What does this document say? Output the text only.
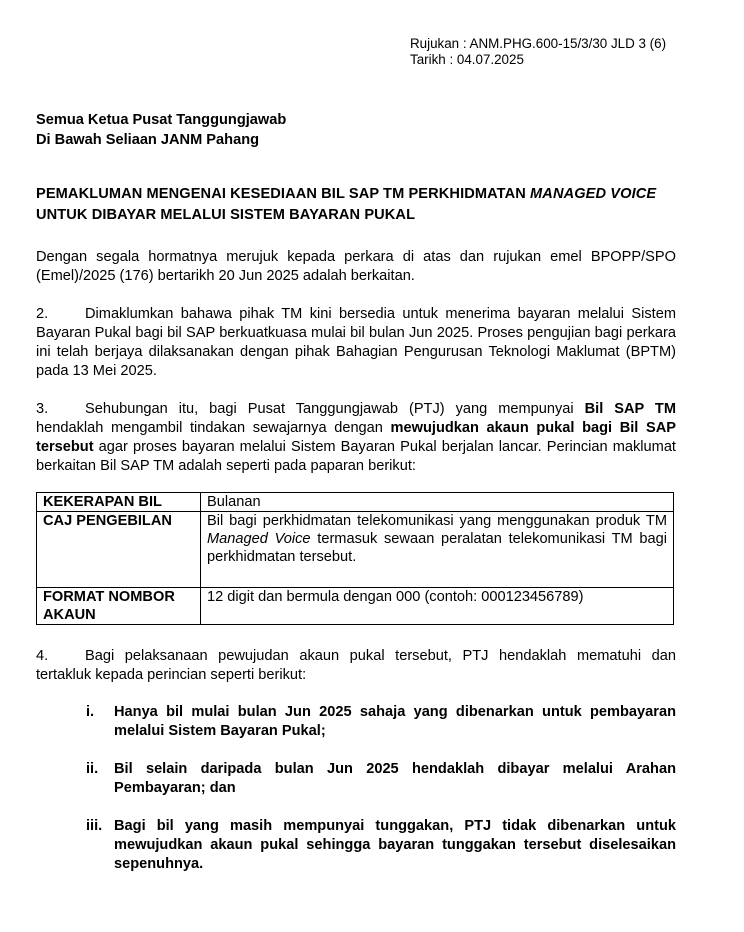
Rujukan : ANM.PHG.600-15/3/30 JLD 3 (6)
Tarikh : 04.07.2025
Semua Ketua Pusat Tanggungjawab
Di Bawah Seliaan JANM Pahang
PEMAKLUMAN MENGENAI KESEDIAAN BIL SAP TM PERKHIDMATAN MANAGED VOICE UNTUK DIBAYAR MELALUI SISTEM BAYARAN PUKAL
Dengan segala hormatnya merujuk kepada perkara di atas dan rujukan emel BPOPP/SPO (Emel)/2025 (176) bertarikh 20 Jun 2025 adalah berkaitan.
2.	Dimaklumkan bahawa pihak TM kini bersedia untuk menerima bayaran melalui Sistem Bayaran Pukal bagi bil SAP berkuatkuasa mulai bil bulan Jun 2025. Proses pengujian bagi perkara ini telah berjaya dilaksanakan dengan pihak Bahagian Pengurusan Teknologi Maklumat (BPTM) pada 13 Mei 2025.
3.	Sehubungan itu, bagi Pusat Tanggungjawab (PTJ) yang mempunyai Bil SAP TM hendaklah mengambil tindakan sewajarnya dengan mewujudkan akaun pukal bagi Bil SAP tersebut agar proses bayaran melalui Sistem Bayaran Pukal berjalan lancar. Perincian maklumat berkaitan Bil SAP TM adalah seperti pada paparan berikut:
KEKERAPAN BIL	Bulanan
CAJ PENGEBILAN	Bil bagi perkhidmatan telekomunikasi yang menggunakan produk TM Managed Voice termasuk sewaan peralatan telekomunikasi TM bagi perkhidmatan tersebut.
FORMAT NOMBOR AKAUN	12 digit dan bermula dengan 000 (contoh: 000123456789)
4.	Bagi pelaksanaan pewujudan akaun pukal tersebut, PTJ hendaklah mematuhi dan tertakluk kepada perincian seperti berikut:
i.	Hanya bil mulai bulan Jun 2025 sahaja yang dibenarkan untuk pembayaran melalui Sistem Bayaran Pukal;
ii.	Bil selain daripada bulan Jun 2025 hendaklah dibayar melalui Arahan Pembayaran; dan
iii. Bagi bil yang masih mempunyai tunggakan, PTJ tidak dibenarkan untuk mewujudkan akaun pukal sehingga bayaran tunggakan tersebut diselesaikan sepenuhnya.
